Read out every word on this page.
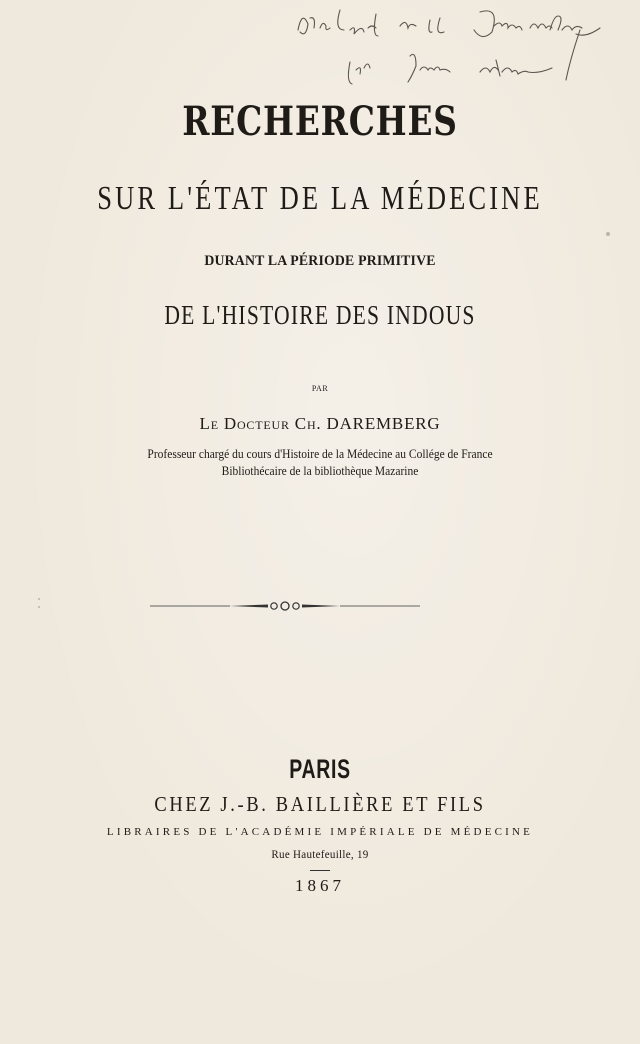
RECHERCHES
SUR L'ÉTAT DE LA MÉDECINE
DURANT LA PÉRIODE PRIMITIVE
DE L'HISTOIRE DES INDOUS
PAR
Le Docteur Ch. DAREMBERG
Professeur chargé du cours d'Histoire de la Médecine au Collége de France
Bibliothécaire de la bibliothèque Mazarine
PARIS
CHEZ J.-B. BAILLIÈRE ET FILS
LIBRAIRES DE L'ACADÉMIE IMPÉRIALE DE MÉDECINE
Rue Hautefeuille, 19
1867
